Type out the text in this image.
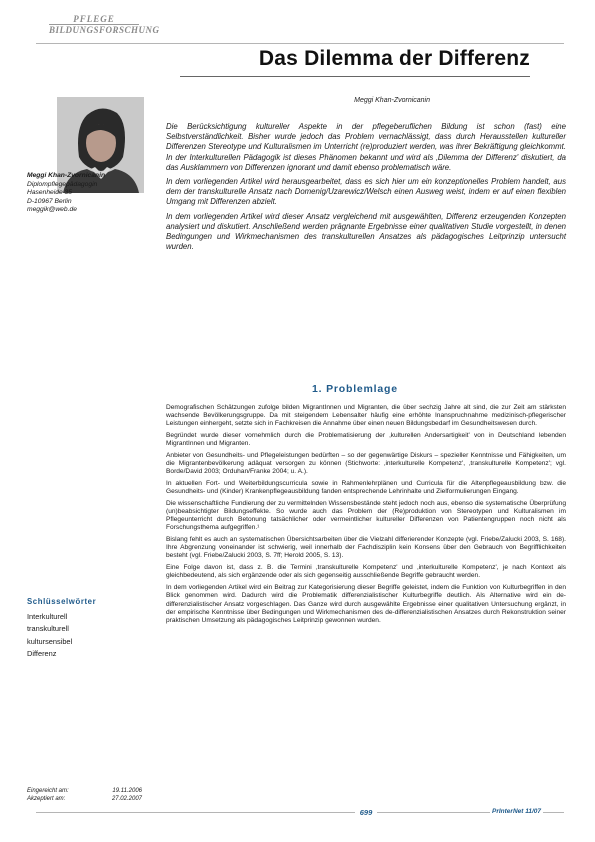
PFLEGE
BILDUNGSFORSCHUNG
Das Dilemma der Differenz
Meggi Khan-Zvornicanin
Meggi Khan-Zvornicanin
Diplompflegepädagogin
Hasenheide 35
D-10967 Berlin
meggik@web.de

Die Berücksichtigung kultureller Aspekte in der pflegeberuflichen Bildung ist schon (fast) eine Selbstverständlichkeit. Bisher wurde jedoch das Problem vernachlässigt, dass durch Herausstellen kultureller Differenzen Stereotype und Kulturalismen im Unterricht (re)produziert werden, was ihrer Bekräftigung gleichkommt. In der Interkulturellen Pädagogik ist dieses Phänomen bekannt und wird als ‚Dilemma der Differenz' diskutiert, da das Ausklammern von Differenzen ignorant und damit ebenso problematisch wäre.

In dem vorliegenden Artikel wird herausgearbeitet, dass es sich hier um ein konzeptionelles Problem handelt, aus dem der transkulturelle Ansatz nach Domenig/Uzarewicz/Welsch einen Ausweg weist, indem er auf einen flexiblen Umgang mit Differenzen abzielt.

In dem vorliegenden Artikel wird dieser Ansatz vergleichend mit ausgewählten, Differenz erzeugenden Konzepten analysiert und diskutiert. Anschließend werden prägnante Ergebnisse einer qualitativen Studie vorgestellt, in denen Bedingungen und Wirkmechanismen des transkulturellen Ansatzes als pädagogisches Leitprinzip untersucht wurden.

1. Problemlage

Demografischen Schätzungen zufolge bilden MigrantInnen und Migranten, die über sechzig Jahre alt sind, die zur Zeit am stärksten wachsende Bevölkerungsgruppe. Da mit steigendem Lebensalter häufig eine erhöhte Inanspruchnahme medizinisch-pflegerischer Leistungen einhergeht, setzte sich in Fachkreisen die Annahme über einen neuen Bildungsbedarf im Gesundheitswesen durch.

Begründet wurde dieser vornehmlich durch die Problematisierung der ‚kulturellen Andersartigkeit' von in Deutschland lebenden MigrantInnen und Migranten.

Anbieter von Gesundheits- und Pflegeleistungen bedürften – so der gegenwärtige Diskurs – spezieller Kenntnisse und Fähigkeiten, um die Migrantenbevölkerung adäquat versorgen zu können (Stichworte: ‚interkulturelle Kompetenz', ‚transkulturelle Kompetenz'; vgl. Borde/David 2003; Orduhan/Franke 2004; u. A.).

In aktuellen Fort- und Weiterbildungscurricula sowie in Rahmenlehrplänen und Curricula für die Altenpflegeausbildung bzw. die Gesundheits- und (Kinder) Krankenpflegeausbildung fanden entsprechende Lehrinhalte und Zielformulierungen Eingang.

Die wissenschaftliche Fundierung der zu vermittelnden Wissensbestände steht jedoch noch aus, ebenso die systematische Überprüfung (un)beabsichtigter Bildungseffekte. So wurde auch das Problem der (Re)produktion von Stereotypen und Kulturalismen im Pflegeunterricht durch Betonung tatsächlicher oder vermeintlicher kultureller Differenzen von Patientengruppen noch nicht als Forschungsthema aufgegriffen.¹

Bislang fehlt es auch an systematischen Übersichtsarbeiten über die Vielzahl differierender Konzepte (vgl. Friebe/Zalucki 2003, S. 168). Ihre Abgrenzung voneinander ist schwierig, weil innerhalb der Fachdisziplin kein Konsens über den Gebrauch von Begrifflichkeiten besteht (vgl. Friebe/Zalucki 2003, S. 7ff; Herold 2005, S. 13).

Eine Folge davon ist, dass z. B. die Termini ‚transkulturelle Kompetenz' und ‚interkulturelle Kompetenz', je nach Kontext als gleichbedeutend, als sich ergänzende oder als sich gegenseitig ausschließende Begriffe gebraucht werden.

In dem vorliegenden Artikel wird ein Beitrag zur Kategorisierung dieser Begriffe geleistet, indem die Funktion von Kulturbegriffen in den Blick genommen wird. Dadurch wird die Problematik differenzialistischer Kulturbegriffe deutlich. Als Alternative wird ein de-differenzialistischer Ansatz vorgeschlagen. Das Ganze wird durch ausgewählte Ergebnisse einer qualitativen Untersuchung ergänzt, in der empirische Kenntnisse über Bedingungen und Wirkmechanismen des de-differenzialistischen Ansatzes durch Rekonstruktion seiner praktischen Umsetzung als pädagogisches Leitprinzip gewonnen wurden.

Schlüsselwörter
Interkulturell
transkulturell
kultursensibel
Differenz
Eingereicht am:	19.11.2006
Akzeptiert am:	27.02.2007
699	PrInterNet 11/07
